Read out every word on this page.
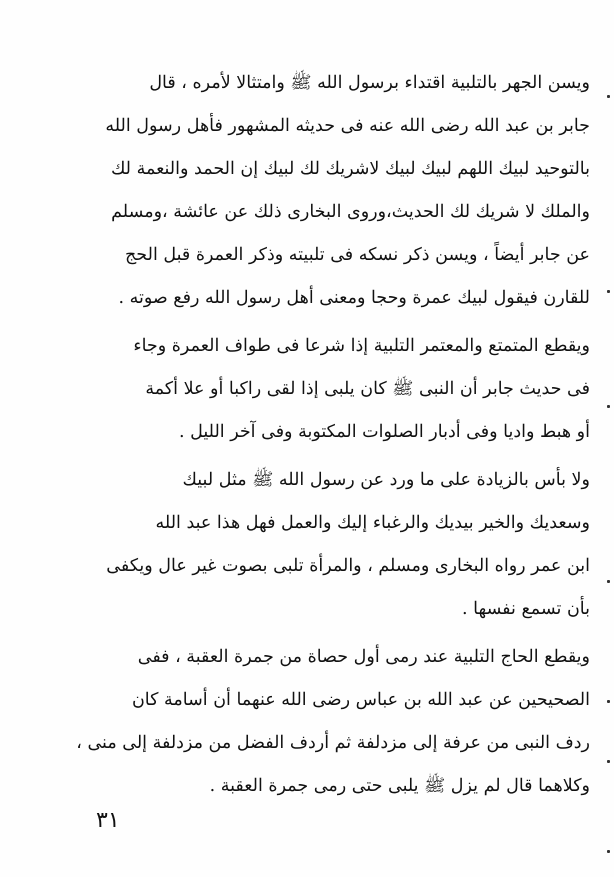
ويسن الجهر بالتلبية اقتداء برسول الله ﷺ وامتثالا لأمره ، قال
جابر بن عبد الله رضى الله عنه فى حديثه المشهور فأهل رسول الله
بالتوحيد لبيك اللهم لبيك لبيك لاشريك لك لبيك إن الحمد والنعمة لك
والملك لا شريك لك الحديث،وروى البخارى ذلك عن عائشة ،ومسلم
عن جابر أيضاً ، ويسن ذكر نسكه فى تلبيته وذكر العمرة قبل الحج
للقارن فيقول لبيك عمرة وحجا ومعنى أهل رسول الله رفع صوته .
ويقطع المتمتع والمعتمر التلبية إذا شرعا فى طواف العمرة وجاء
فى حديث جابر أن النبى ﷺ كان يلبى إذا لقى راكبا أو علا أكمة
أو هبط واديا وفى أدبار الصلوات المكتوبة وفى آخر الليل .
ولا بأس بالزيادة على ما ورد عن رسول الله ﷺ مثل لبيك
وسعديك والخير بيديك والرغباء إليك والعمل فهل هذا عبد الله
ابن عمر رواه البخارى ومسلم ، والمرأة تلبى بصوت غير عال ويكفى
بأن تسمع نفسها .
ويقطع الحاج التلبية عند رمى أول حصاة من جمرة العقبة ، ففى
الصحيحين عن عبد الله بن عباس رضى الله عنهما أن أسامة كان
ردف النبى من عرفة إلى مزدلفة ثم أردف الفضل من مزدلفة إلى منى ،
وكلاهما قال لم يزل ﷺ يلبى حتى رمى جمرة العقبة .
٣١
